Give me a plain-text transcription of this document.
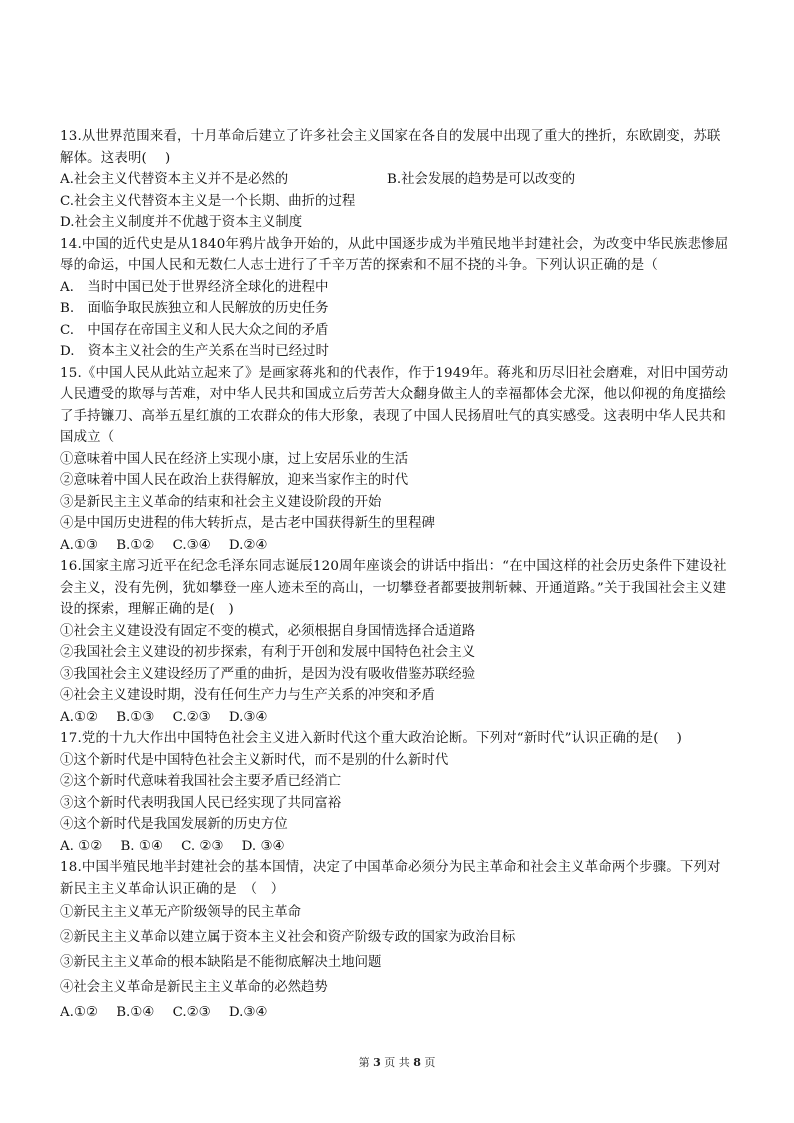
13.从世界范围来看，十月革命后建立了许多社会主义国家在各自的发展中出现了重大的挫折，东欧剧变，苏联解体。这表明(　 )
A.社会主义代替资本主义并不是必然的	B.社会发展的趋势是可以改变的
C.社会主义代替资本主义是一个长期、曲折的过程
D.社会主义制度并不优越于资本主义制度
14.中国的近代史是从1840年鸦片战争开始的，从此中国逐步成为半殖民地半封建社会，为改变中华民族悲惨屈辱的命运，中国人民和无数仁人志士进行了千辛万苦的探索和不屈不挠的斗争。下列认识正确的是（
A.　当时中国已处于世界经济全球化的进程中
B.　面临争取民族独立和人民解放的历史任务
C.　中国存在帝国主义和人民大众之间的矛盾
D.　资本主义社会的生产关系在当时已经过时
15.《中国人民从此站立起来了》是画家蒋兆和的代表作，作于1949年。蒋兆和历尽旧社会磨难，对旧中国劳动人民遭受的欺辱与苦难，对中华人民共和国成立后劳苦大众翻身做主人的幸福都体会尤深，他以仰视的角度描绘了手持镰刀、高举五星红旗的工农群众的伟大形象，表现了中国人民扬眉吐气的真实感受。这表明中华人民共和国成立（
①意味着中国人民在经济上实现小康，过上安居乐业的生活
②意味着中国人民在政治上获得解放，迎来当家作主的时代
③是新民主主义革命的结束和社会主义建设阶段的开始
④是中国历史进程的伟大转折点，是古老中国获得新生的里程碑
A.①③ B.①② C.③④ D.②④
16.国家主席习近平在纪念毛泽东同志诞辰120周年座谈会的讲话中指出：“在中国这样的社会历史条件下建设社会主义，没有先例，犹如攀登一座人迹未至的高山，一切攀登者都要披荆斩棘、开通道路。”关于我国社会主义建设的探索，理解正确的是(　)
①社会主义建设没有固定不变的模式，必须根据自身国情选择合适道路
②我国社会主义建设的初步探索，有利于开创和发展中国特色社会主义
③我国社会主义建设经历了严重的曲折，是因为没有吸收借鉴苏联经验
④社会主义建设时期，没有任何生产力与生产关系的冲突和矛盾
A.①② B.①③ C.②③ D.③④
17.党的十九大作出中国特色社会主义进入新时代这个重大政治论断。下列对“新时代”认识正确的是(　 )
①这个新时代是中国特色社会主义新时代，而不是别的什么新时代
②这个新时代意味着我国社会主要矛盾已经消亡
③这个新时代表明我国人民已经实现了共同富裕
④这个新时代是我国发展新的历史方位
A. ①② B. ①④ C. ②③ D. ③④
18.中国半殖民地半封建社会的基本国情，决定了中国革命必须分为民主革命和社会主义革命两个步骤。下列对新民主主义革命认识正确的是　（　）
①新民主主义革无产阶级领导的民主革命
②新民主主义革命以建立属于资本主义社会和资产阶级专政的国家为政治目标
③新民主主义革命的根本缺陷是不能彻底解决土地问题
④社会主义革命是新民主主义革命的必然趋势
A.①② B.①④ C.②③ D.③④
第 3 页 共 8 页
